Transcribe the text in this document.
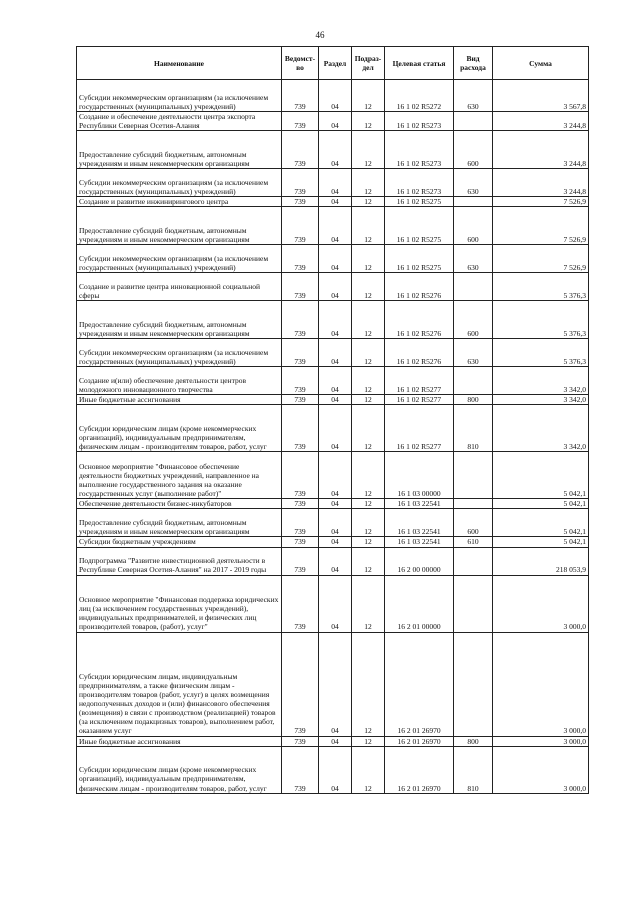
46
Наименование	Ведомст-во	Раздел	Подраз-дел	Целевая статья	Вид расхода	Сумма
Субсидии некоммерческим организациям (за исключением государственных (муниципальных) учреждений)	739	04	12	16 1 02 R5272	630	3 567,8
Создание и обеспечение деятельности центра экспорта Республики Северная Осетия-Алания	739	04	12	16 1 02 R5273		3 244,8
Предоставление субсидий бюджетным, автономным учреждениям и иным некоммерческим организациям	739	04	12	16 1 02 R5273	600	3 244,8
Субсидии некоммерческим организациям (за исключением государственных (муниципальных) учреждений)	739	04	12	16 1 02 R5273	630	3 244,8
Создание и развитие инжинирингового центра	739	04	12	16 1 02 R5275		7 526,9
Предоставление субсидий бюджетным, автономным учреждениям и иным некоммерческим организациям	739	04	12	16 1 02 R5275	600	7 526,9
Субсидии некоммерческим организациям (за исключением государственных (муниципальных) учреждений)	739	04	12	16 1 02 R5275	630	7 526,9
Создание и развитие центра инновационной социальной сферы	739	04	12	16 1 02 R5276		5 376,3
Предоставление субсидий бюджетным, автономным учреждениям и иным некоммерческим организациям	739	04	12	16 1 02 R5276	600	5 376,3
Субсидии некоммерческим организациям (за исключением государственных (муниципальных) учреждений)	739	04	12	16 1 02 R5276	630	5 376,3
Создание и(или) обеспечение деятельности центров молодежного инновационного творчества	739	04	12	16 1 02 R5277		3 342,0
Иные бюджетные ассигнования	739	04	12	16 1 02 R5277	800	3 342,0
Субсидии юридическим лицам (кроме некоммерческих организаций), индивидуальным предпринимателям, физическим лицам - производителям товаров, работ, услуг	739	04	12	16 1 02 R5277	810	3 342,0
Основное мероприятие "Финансовое обеспечение деятельности бюджетных учреждений, направленное на выполнение государственного задания на оказание государственных услуг (выполнение работ)"	739	04	12	16 1 03 00000		5 042,1
Обеспечение деятельности бизнес-инкубаторов	739	04	12	16 1 03 22541		5 042,1
Предоставление субсидий бюджетным, автономным учреждениям и иным некоммерческим организациям	739	04	12	16 1 03 22541	600	5 042,1
Субсидии бюджетным учреждениям	739	04	12	16 1 03 22541	610	5 042,1
Подпрограмма "Развитие инвестиционной деятельности в Республике Северная Осетия-Алания" на 2017 - 2019 годы	739	04	12	16 2 00 00000		218 053,9
Основное мероприятие "Финансовая поддержка юридических лиц (за исключением государственных учреждений), индивидуальных предпринимателей, и физических лиц производителей товаров, (работ), услуг"	739	04	12	16 2 01 00000		3 000,0
Субсидии юридическим лицам, индивидуальным предпринимателям, а также физическим лицам - производителям товаров (работ, услуг) в целях возмещения недополученных доходов и (или) финансового обеспечения (возмещения) в связи с производством (реализацией) товаров (за исключением подакцизных товаров), выполнением работ, оказанием услуг	739	04	12	16 2 01 26970		3 000,0
Иные бюджетные ассигнования	739	04	12	16 2 01 26970	800	3 000,0
Субсидии юридическим лицам (кроме некоммерческих организаций), индивидуальным предпринимателям, физическим лицам - производителям товаров, работ, услуг	739	04	12	16 2 01 26970	810	3 000,0
